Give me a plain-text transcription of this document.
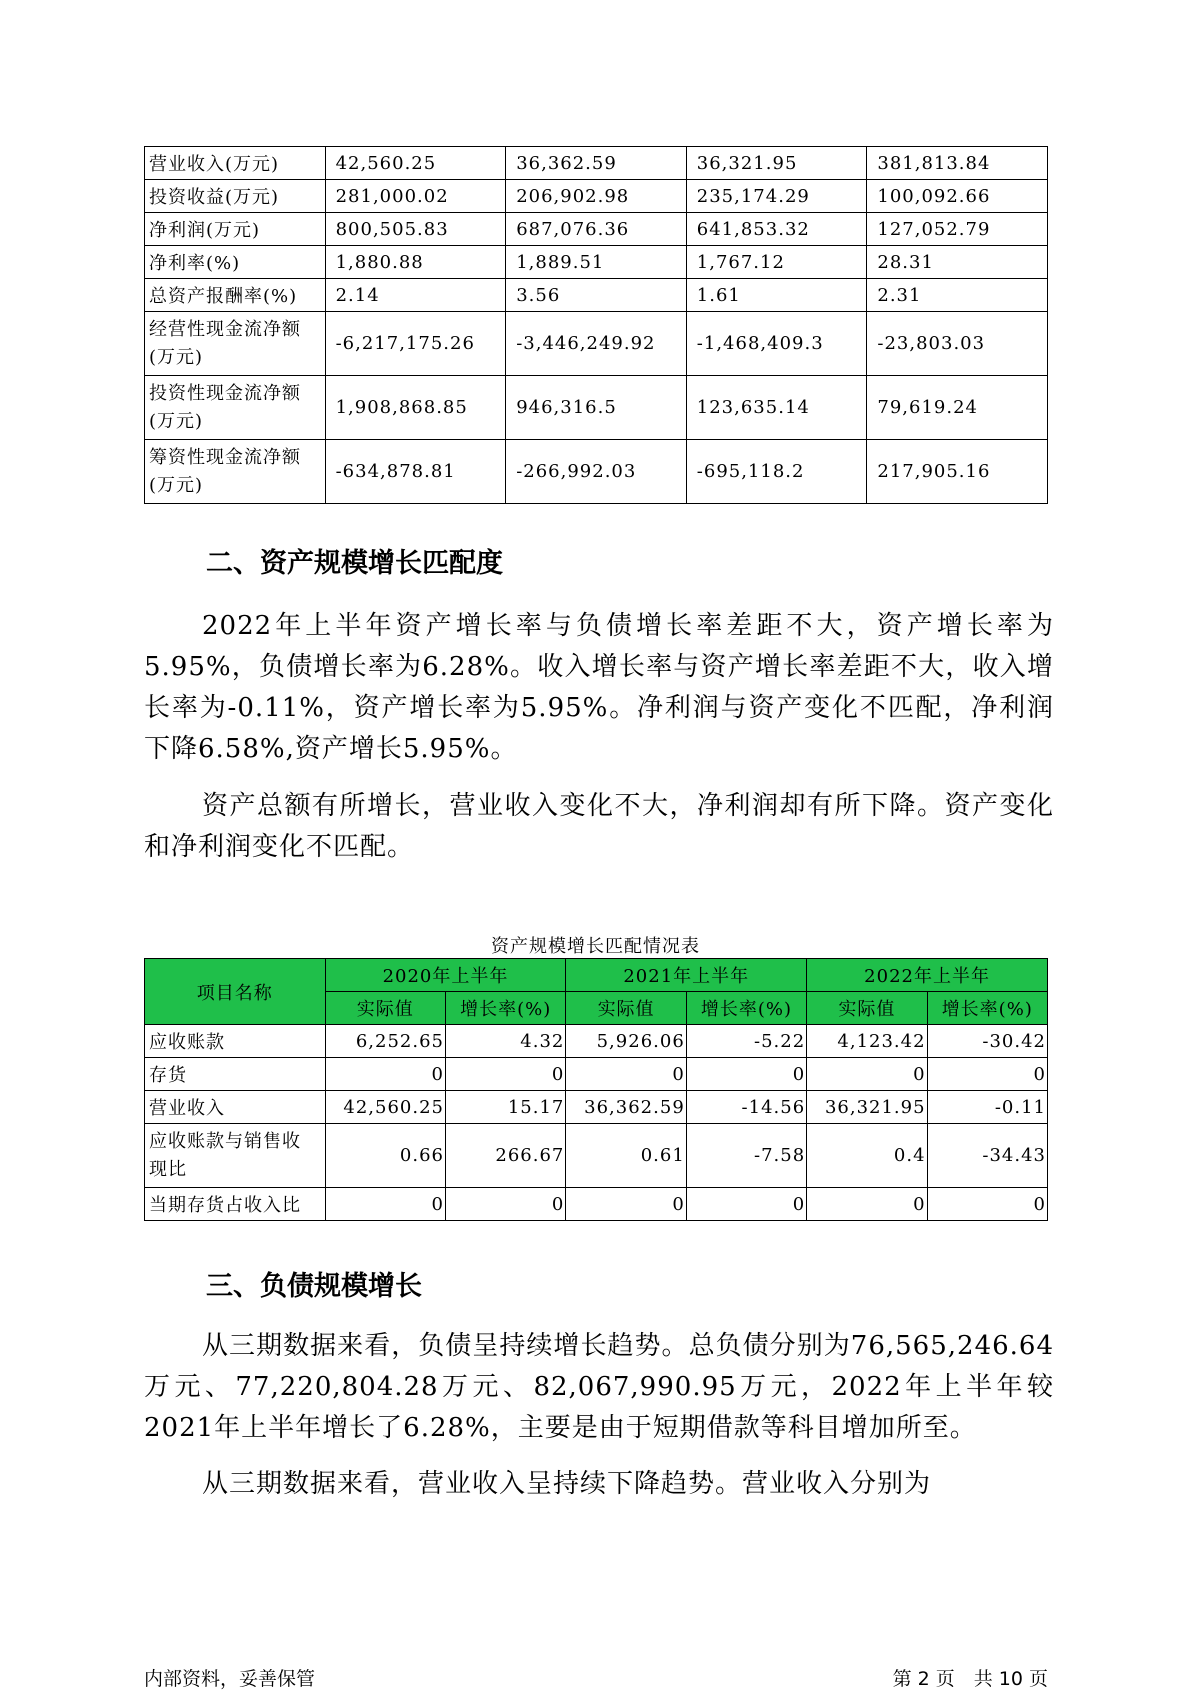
营业收入(万元)	42,560.25	36,362.59	36,321.95	381,813.84
投资收益(万元)	281,000.02	206,902.98	235,174.29	100,092.66
净利润(万元)	800,505.83	687,076.36	641,853.32	127,052.79
净利率(%)	1,880.88	1,889.51	1,767.12	28.31
总资产报酬率(%)	2.14	3.56	1.61	2.31
经营性现金流净额
(万元)	-6,217,175.26	-3,446,249.92	-1,468,409.3	-23,803.03
投资性现金流净额
(万元)	1,908,868.85	946,316.5	123,635.14	79,619.24
筹资性现金流净额
(万元)	-634,878.81	-266,992.03	-695,118.2	217,905.16
二、资产规模增长匹配度
2022年上半年资产增长率与负债增长率差距不大，资产增长率为5.95%，负债增长率为6.28%。收入增长率与资产增长率差距不大，收入增长率为-0.11%，资产增长率为5.95%。净利润与资产变化不匹配，净利润下降6.58%,资产增长5.95%。
资产总额有所增长，营业收入变化不大，净利润却有所下降。资产变化和净利润变化不匹配。
资产规模增长匹配情况表
项目名称	2020年上半年		2021年上半年		2022年上半年	
	实际值	增长率(%)	实际值	增长率(%)	实际值	增长率(%)
应收账款	6,252.65	4.32	5,926.06	-5.22	4,123.42	-30.42
存货	0	0	0	0	0	0
营业收入	42,560.25	15.17	36,362.59	-14.56	36,321.95	-0.11
应收账款与销售收
现比	0.66	266.67	0.61	-7.58	0.4	-34.43
当期存货占收入比	0	0	0	0	0	0
三、负债规模增长
从三期数据来看，负债呈持续增长趋势。总负债分别为76,565,246.64万元、77,220,804.28万元、82,067,990.95万元，2022年上半年较2021年上半年增长了6.28%，主要是由于短期借款等科目增加所至。
从三期数据来看，营业收入呈持续下降趋势。营业收入分别为
内部资料，妥善保管	第 2 页　共 10 页
